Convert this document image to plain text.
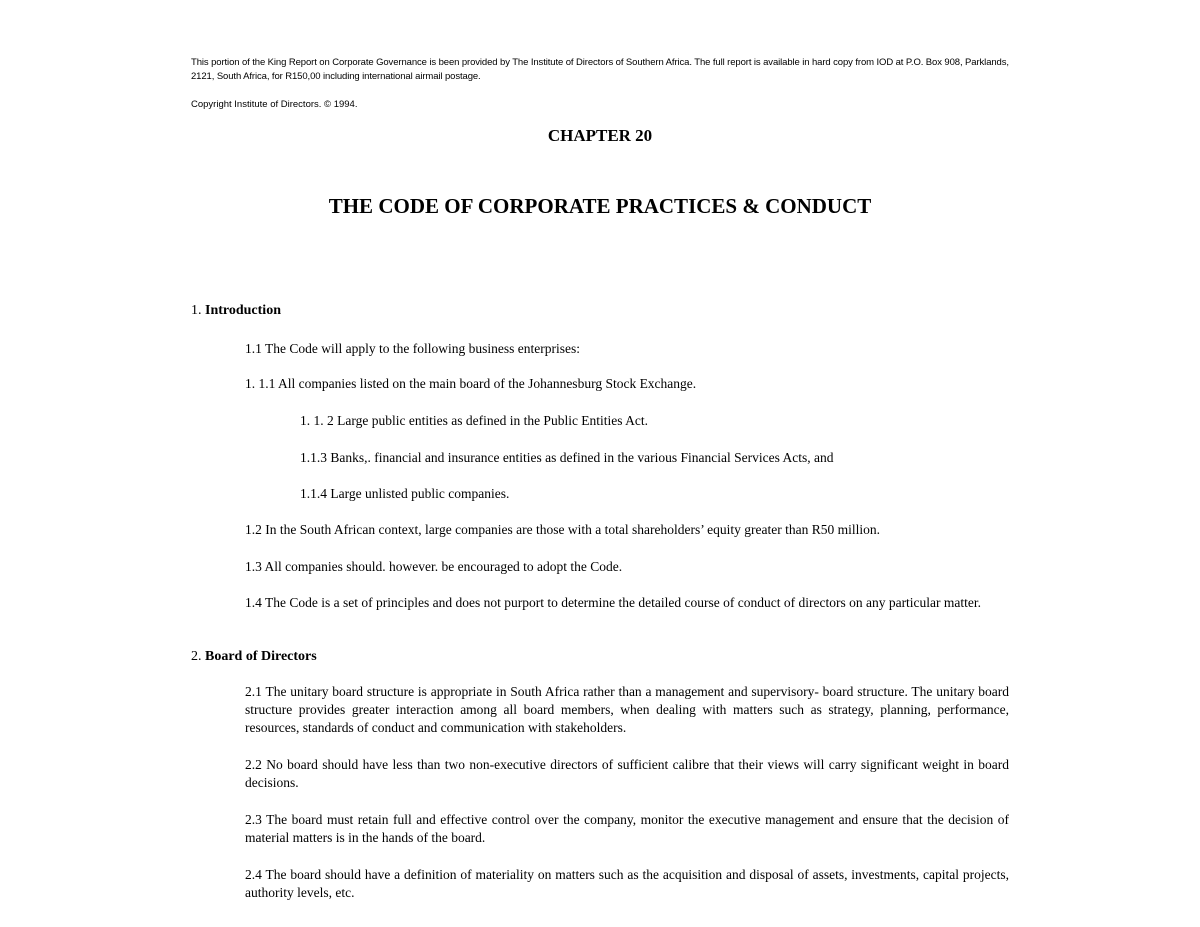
This portion of the King Report on Corporate Governance is been provided by The Institute of Directors of Southern Africa. The full report is available in hard copy from IOD at P.O. Box 908, Parklands, 2121, South Africa, for R150,00 including international airmail postage.
Copyright Institute of Directors. © 1994.
CHAPTER 20
THE CODE OF CORPORATE PRACTICES & CONDUCT
1. Introduction
1.1 The Code will apply to the following business enterprises:
1. 1.1 All companies listed on the main board of the Johannesburg Stock Exchange.
1. 1. 2 Large public entities as defined in the Public Entities Act.
1.1.3 Banks,. financial and insurance entities as defined in the various Financial Services Acts, and
1.1.4 Large unlisted public companies.
1.2 In the South African context, large companies are those with a total shareholders’ equity greater than R50 million.
1.3 All companies should. however. be encouraged to adopt the Code.
1.4 The Code is a set of principles and does not purport to determine the detailed course of conduct of directors on any particular matter.
2. Board of Directors
2.1 The unitary board structure is appropriate in South Africa rather than a management and supervisory- board structure. The unitary board structure provides greater interaction among all board members, when dealing with matters such as strategy, planning, performance, resources, standards of conduct and communication with stakeholders.
2.2 No board should have less than two non-executive directors of sufficient calibre that their views will carry significant weight in board decisions.
2.3 The board must retain full and effective control over the company, monitor the executive management and ensure that the decision of material matters is in the hands of the board.
2.4 The board should have a definition of materiality on matters such as the acquisition and disposal of assets, investments, capital projects, authority levels, etc.
